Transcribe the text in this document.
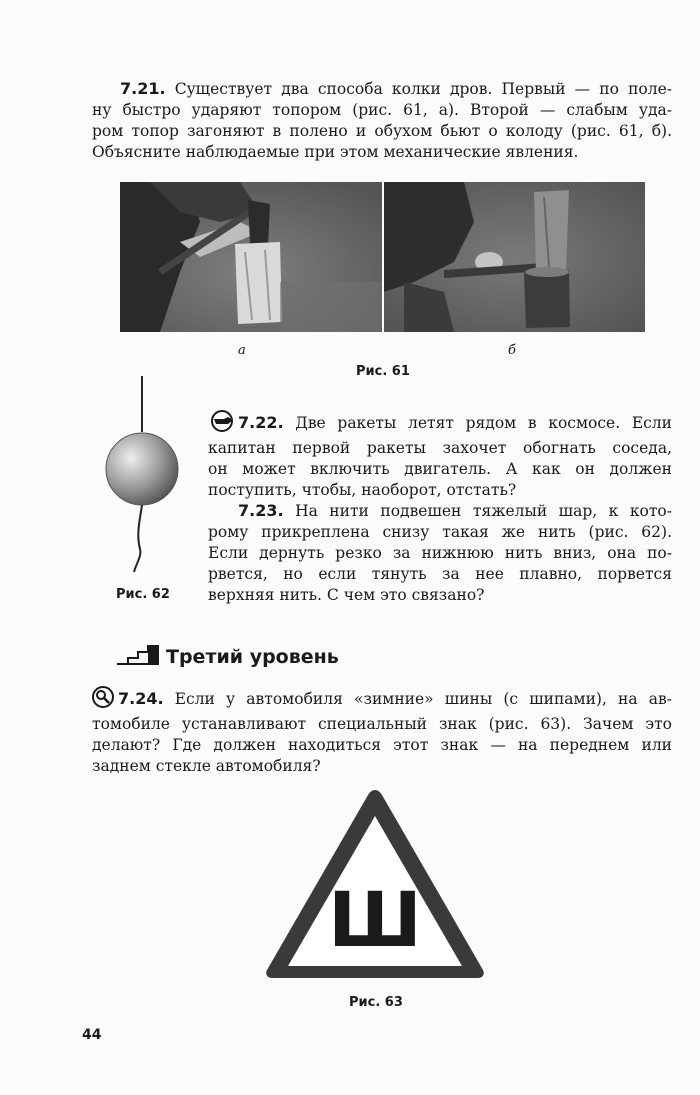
7.21. Существует два способа колки дров. Первый — по поле-
ну быстро ударяют топором (рис. 61, а). Второй — слабым уда-
ром топор загоняют в полено и обухом бьют о колоду (рис. 61, б).
Объясните наблюдаемые при этом механические явления.
а	б
Рис. 61
Рис. 62
7.22. Две ракеты летят рядом в космосе. Если
капитан первой ракеты захочет обогнать соседа,
он может включить двигатель. А как он должен
поступить, чтобы, наоборот, отстать?
7.23. На нити подвешен тяжелый шар, к кото-
рому прикреплена снизу такая же нить (рис. 62).
Если дернуть резко за нижнюю нить вниз, она по-
рвется, но если тянуть за нее плавно, порвется
верхняя нить. С чем это связано?
Третий уровень
7.24. Если у автомобиля «зимние» шины (с шипами), на ав-
томобиле устанавливают специальный знак (рис. 63). Зачем это
делают? Где должен находиться этот знак — на переднем или
заднем стекле автомобиля?
Ш
Рис. 63
44
